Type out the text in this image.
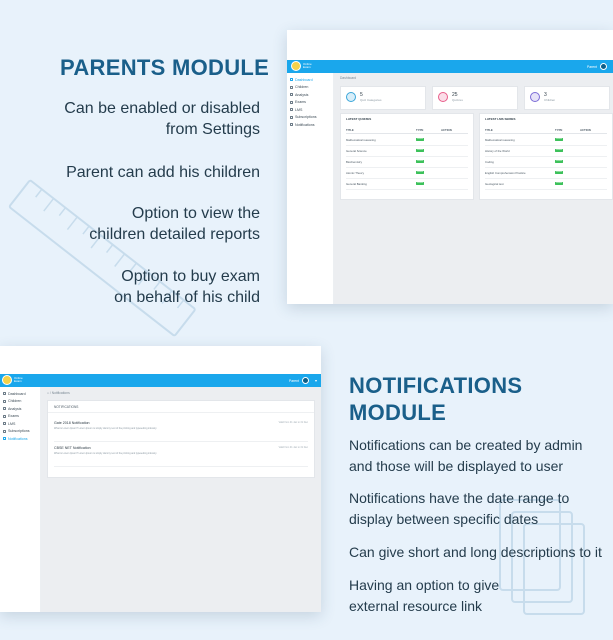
PARENTS MODULE
Can be enabled or disabled
from Settings
Parent can add his children
Option to view the
children detailed reports
Option to buy exam
on behalf of his child
Online
Exam	Parent
Dashboard
Children
Analysis
Exams
LMS
Subscriptions
Notifications
Dashboard
5
Quiz Categories
25
Quizzes
3
Children
LATEST QUIZZES
TITLE	TYPE	ACTION
Mathematical reasoning	FREE
General Science	FREE
Biochemistry	FREE
Atomic Theory	FREE
General Banking	FREE
LATEST LMS SERIES
TITLE	TYPE	ACTION
Mathematical reasoning	FREE
History of the World	FREE
Coding	FREE
English Comprehension Practice	FREE
Geological test	FREE
NOTIFICATIONS
MODULE
Notifications can be created by admin
and those will be displayed to user
Notifications have the date range to
display between specific dates
Can give short and long descriptions to it
Having an option to give
external resource link
Online
Exam	Parent	▾
Dashboard
Children
Analysis
Exams
LMS
Subscriptions
Notifications
⌂ / Notifications
NOTIFICATIONS
Gate 2018 Notification
What is Lorem Ipsum? Lorem Ipsum is simply dummy text of the printing and typesetting industry.
Valid from 01 Jan to 31 Dec
CBSE NET Notification
What is Lorem Ipsum? Lorem Ipsum is simply dummy text of the printing and typesetting industry.
Valid from 01 Jan to 31 Dec
